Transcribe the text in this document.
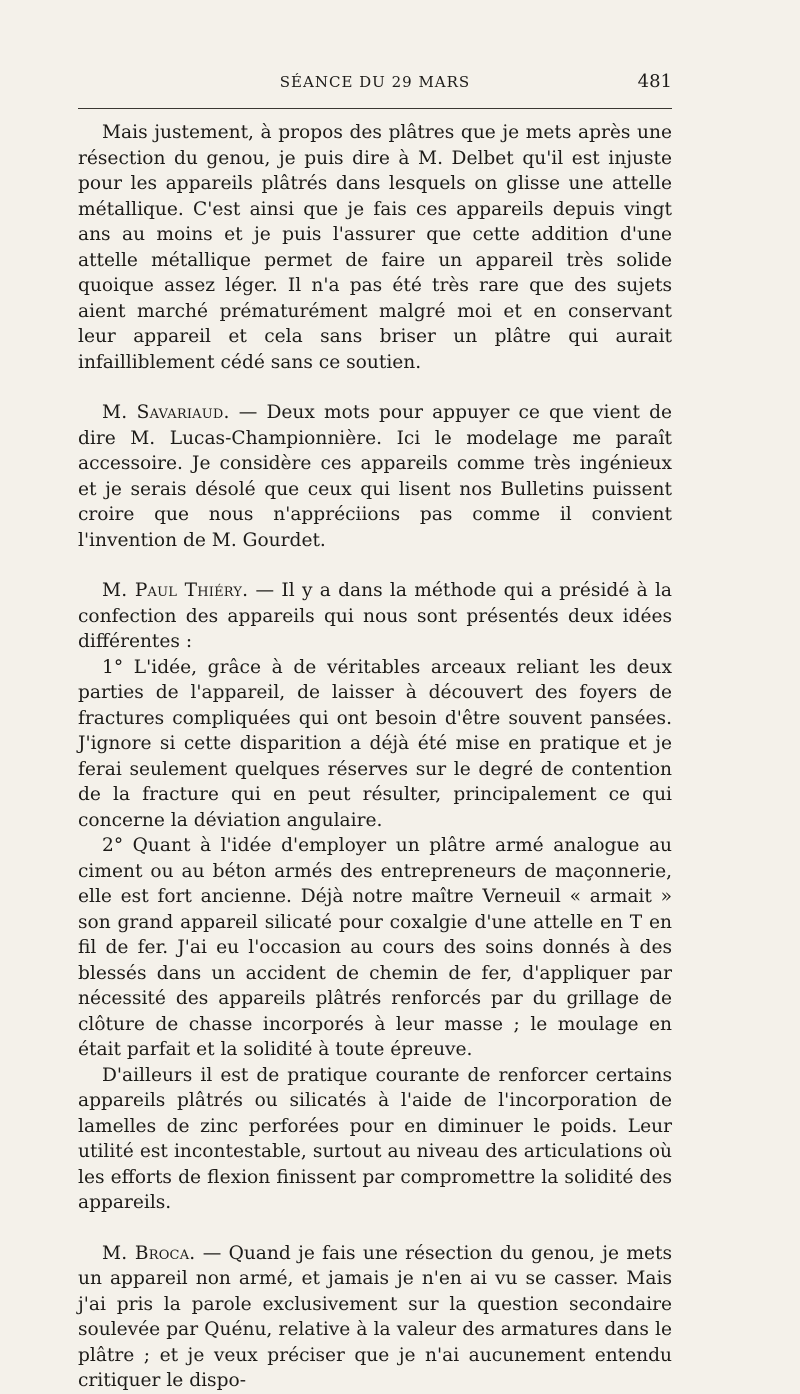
SÉANCE DU 29 MARS	481

Mais justement, à propos des plâtres que je mets après une résection du genou, je puis dire à M. Delbet qu'il est injuste pour les appareils plâtrés dans lesquels on glisse une attelle métallique. C'est ainsi que je fais ces appareils depuis vingt ans au moins et je puis l'assurer que cette addition d'une attelle métallique permet de faire un appareil très solide quoique assez léger. Il n'a pas été très rare que des sujets aient marché prématurément malgré moi et en conservant leur appareil et cela sans briser un plâtre qui aurait infailliblement cédé sans ce soutien.

M. Savariaud. — Deux mots pour appuyer ce que vient de dire M. Lucas-Championnière. Ici le modelage me paraît accessoire. Je considère ces appareils comme très ingénieux et je serais désolé que ceux qui lisent nos Bulletins puissent croire que nous n'appréciions pas comme il convient l'invention de M. Gourdet.

M. Paul Thiéry. — Il y a dans la méthode qui a présidé à la confection des appareils qui nous sont présentés deux idées différentes :

1° L'idée, grâce à de véritables arceaux reliant les deux parties de l'appareil, de laisser à découvert des foyers de fractures compliquées qui ont besoin d'être souvent pansées. J'ignore si cette disparition a déjà été mise en pratique et je ferai seulement quelques réserves sur le degré de contention de la fracture qui en peut résulter, principalement ce qui concerne la déviation angulaire.

2° Quant à l'idée d'employer un plâtre armé analogue au ciment ou au béton armés des entrepreneurs de maçonnerie, elle est fort ancienne. Déjà notre maître Verneuil « armait » son grand appareil silicaté pour coxalgie d'une attelle en T en fil de fer. J'ai eu l'occasion au cours des soins donnés à des blessés dans un accident de chemin de fer, d'appliquer par nécessité des appareils plâtrés renforcés par du grillage de clôture de chasse incorporés à leur masse ; le moulage en était parfait et la solidité à toute épreuve.

D'ailleurs il est de pratique courante de renforcer certains appareils plâtrés ou silicatés à l'aide de l'incorporation de lamelles de zinc perforées pour en diminuer le poids. Leur utilité est incontestable, surtout au niveau des articulations où les efforts de flexion finissent par compromettre la solidité des appareils.

M. Broca. — Quand je fais une résection du genou, je mets un appareil non armé, et jamais je n'en ai vu se casser. Mais j'ai pris la parole exclusivement sur la question secondaire soulevée par Quénu, relative à la valeur des armatures dans le plâtre ; et je veux préciser que je n'ai aucunement entendu critiquer le dispo-
